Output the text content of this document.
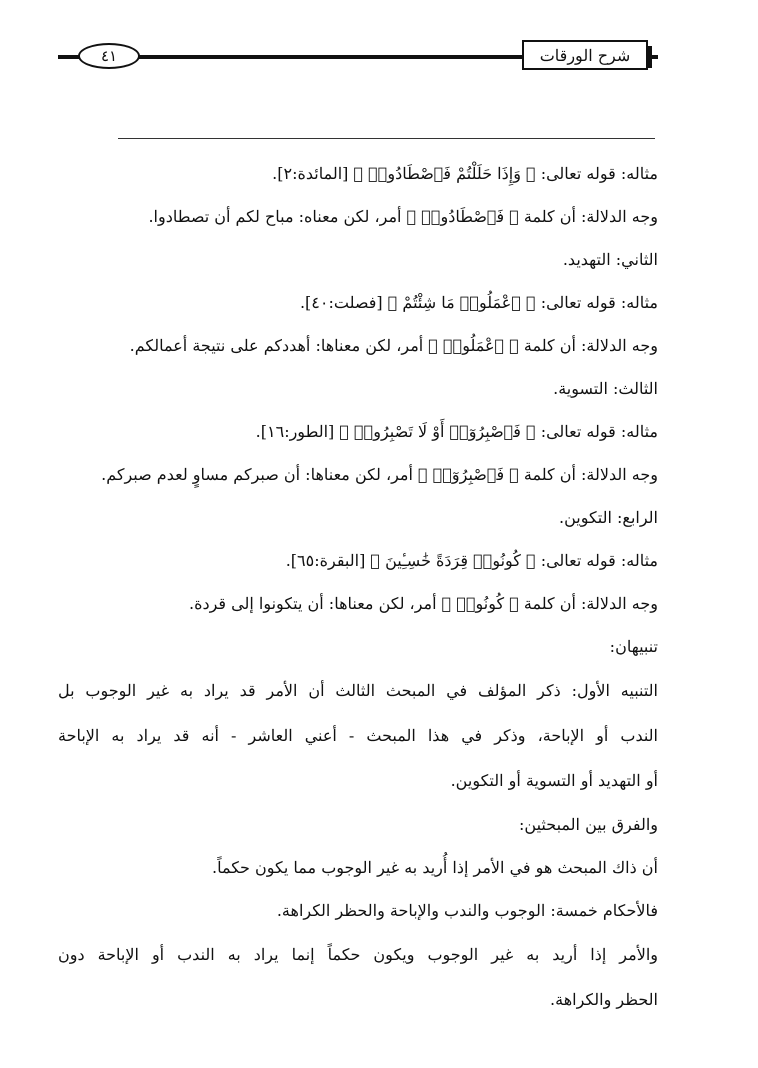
شرح الورقات
٤١
مثاله: قوله تعالى: ﴿ وَإِذَا حَلَلْتُمْ فَٱصْطَادُوا۟ ﴾ [المائدة:٢].
وجه الدلالة: أن كلمة ﴿ فَٱصْطَادُوا۟ ﴾ أمر، لكن معناه: مباح لكم أن تصطادوا.
الثاني: التهديد.
مثاله: قوله تعالى: ﴿ ٱعْمَلُوا۟ مَا شِئْتُمْ ﴾ [فصلت:٤٠].
وجه الدلالة: أن كلمة ﴿ ٱعْمَلُوا۟ ﴾ أمر، لكن معناها: أهددكم على نتيجة أعمالكم.
الثالث: التسوية.
مثاله: قوله تعالى: ﴿ فَٱصْبِرُوٓا۟ أَوْ لَا تَصْبِرُوا۟ ﴾ [الطور:١٦].
وجه الدلالة: أن كلمة ﴿ فَٱصْبِرُوٓا۟ ﴾ أمر، لكن معناها: أن صبركم مساوٍ لعدم صبركم.
الرابع: التكوين.
مثاله: قوله تعالى: ﴿ كُونُوا۟ قِرَدَةً خَٰسِـِٔينَ ﴾ [البقرة:٦٥].
وجه الدلالة: أن كلمة ﴿ كُونُوا۟ ﴾ أمر، لكن معناها: أن يتكونوا إلى قردة.
تنبيهان:
التنبيه الأول: ذكر المؤلف في المبحث الثالث أن الأمر قد يراد به غير الوجوب بل
الندب أو الإباحة، وذكر في هذا المبحث - أعني العاشر - أنه قد يراد به الإباحة
أو التهديد أو التسوية أو التكوين.
والفرق بين المبحثين:
أن ذاك المبحث هو في الأمر إذا أُريد به غير الوجوب مما يكون حكماً.
فالأحكام خمسة: الوجوب والندب والإباحة والحظر الكراهة.
والأمر إذا أريد به غير الوجوب ويكون حكماً إنما يراد به الندب أو الإباحة دون
الحظر والكراهة.
